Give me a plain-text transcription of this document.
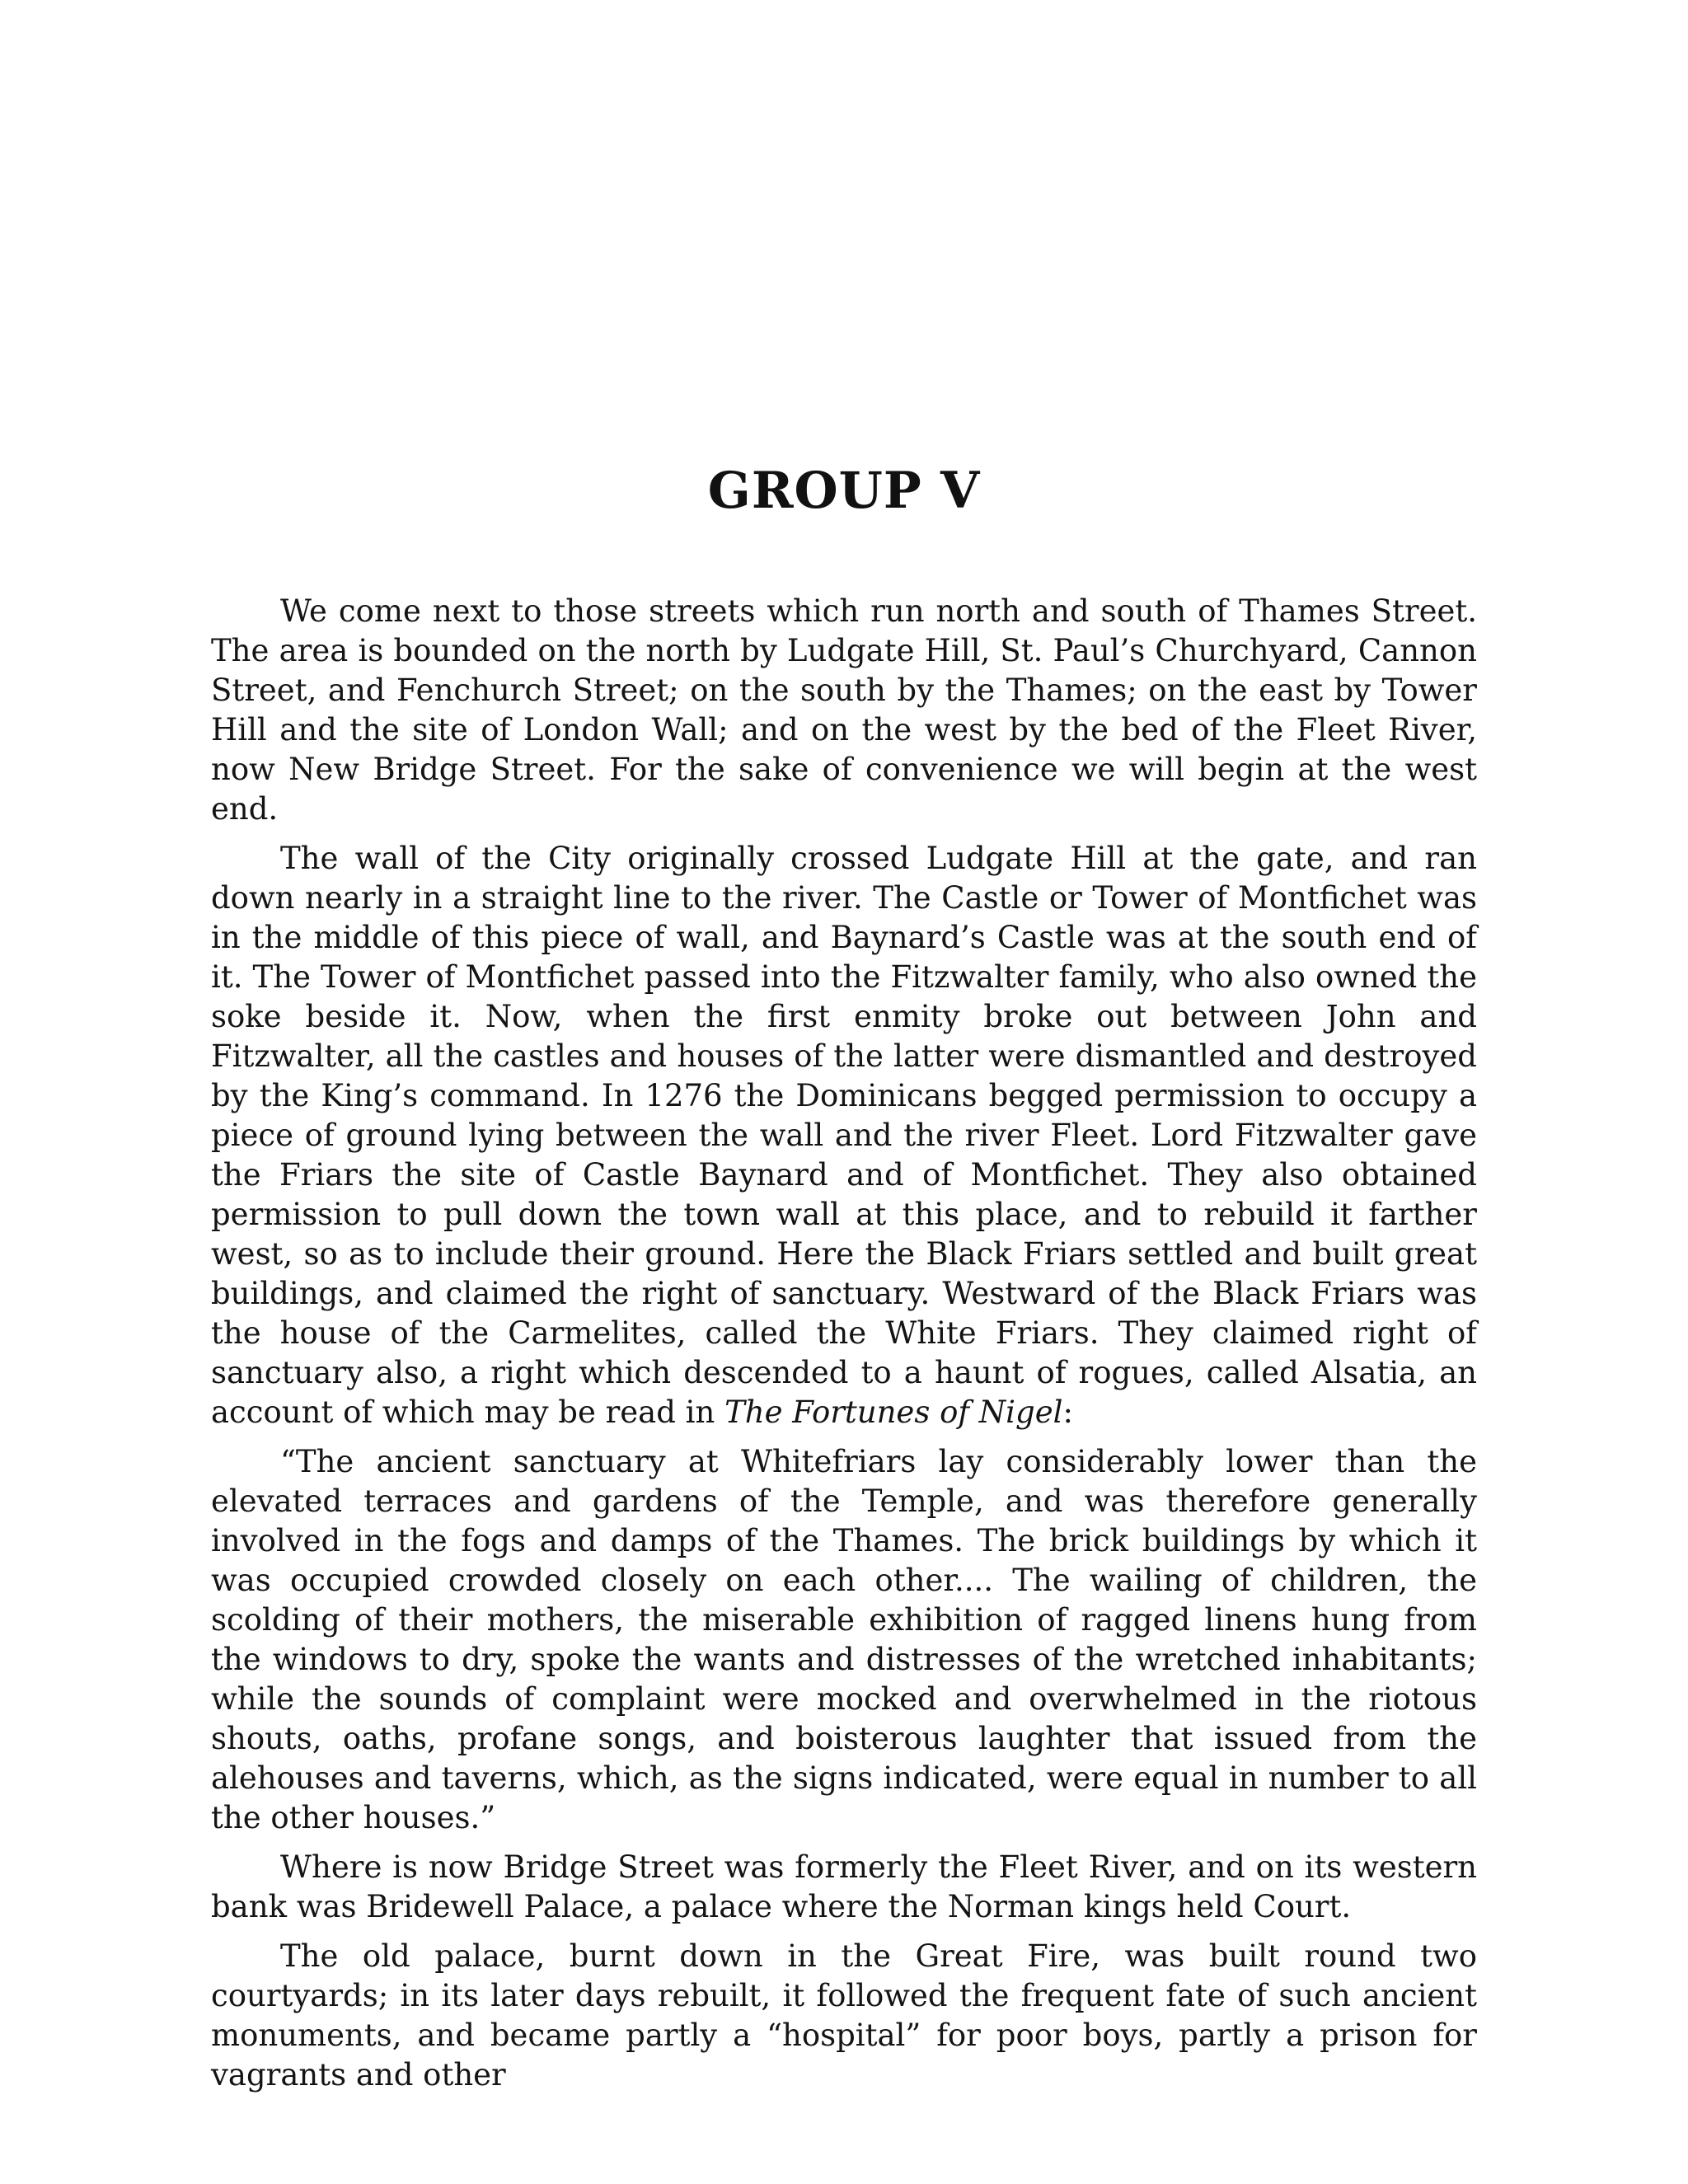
GROUP V

We come next to those streets which run north and south of Thames Street. The area is bounded on the north by Ludgate Hill, St. Paul’s Churchyard, Cannon Street, and Fenchurch Street; on the south by the Thames; on the east by Tower Hill and the site of London Wall; and on the west by the bed of the Fleet River, now New Bridge Street. For the sake of convenience we will begin at the west end.

The wall of the City originally crossed Ludgate Hill at the gate, and ran down nearly in a straight line to the river. The Castle or Tower of Montfichet was in the middle of this piece of wall, and Baynard’s Castle was at the south end of it. The Tower of Montfichet passed into the Fitzwalter family, who also owned the soke beside it. Now, when the first enmity broke out between John and Fitzwalter, all the castles and houses of the latter were dismantled and destroyed by the King’s command. In 1276 the Dominicans begged permission to occupy a piece of ground lying between the wall and the river Fleet. Lord Fitzwalter gave the Friars the site of Castle Baynard and of Montfichet. They also obtained permission to pull down the town wall at this place, and to rebuild it farther west, so as to include their ground. Here the Black Friars settled and built great buildings, and claimed the right of sanctuary. Westward of the Black Friars was the house of the Carmelites, called the White Friars. They claimed right of sanctuary also, a right which descended to a haunt of rogues, called Alsatia, an account of which may be read in The Fortunes of Nigel:

“The ancient sanctuary at Whitefriars lay considerably lower than the elevated terraces and gardens of the Temple, and was therefore generally involved in the fogs and damps of the Thames. The brick buildings by which it was occupied crowded closely on each other.... The wailing of children, the scolding of their mothers, the miserable exhibition of ragged linens hung from the windows to dry, spoke the wants and distresses of the wretched inhabitants; while the sounds of complaint were mocked and overwhelmed in the riotous shouts, oaths, profane songs, and boisterous laughter that issued from the alehouses and taverns, which, as the signs indicated, were equal in number to all the other houses.”

Where is now Bridge Street was formerly the Fleet River, and on its western bank was Bridewell Palace, a palace where the Norman kings held Court.

The old palace, burnt down in the Great Fire, was built round two courtyards; in its later days rebuilt, it followed the frequent fate of such ancient monuments, and became partly a “hospital” for poor boys, partly a prison for vagrants and other
